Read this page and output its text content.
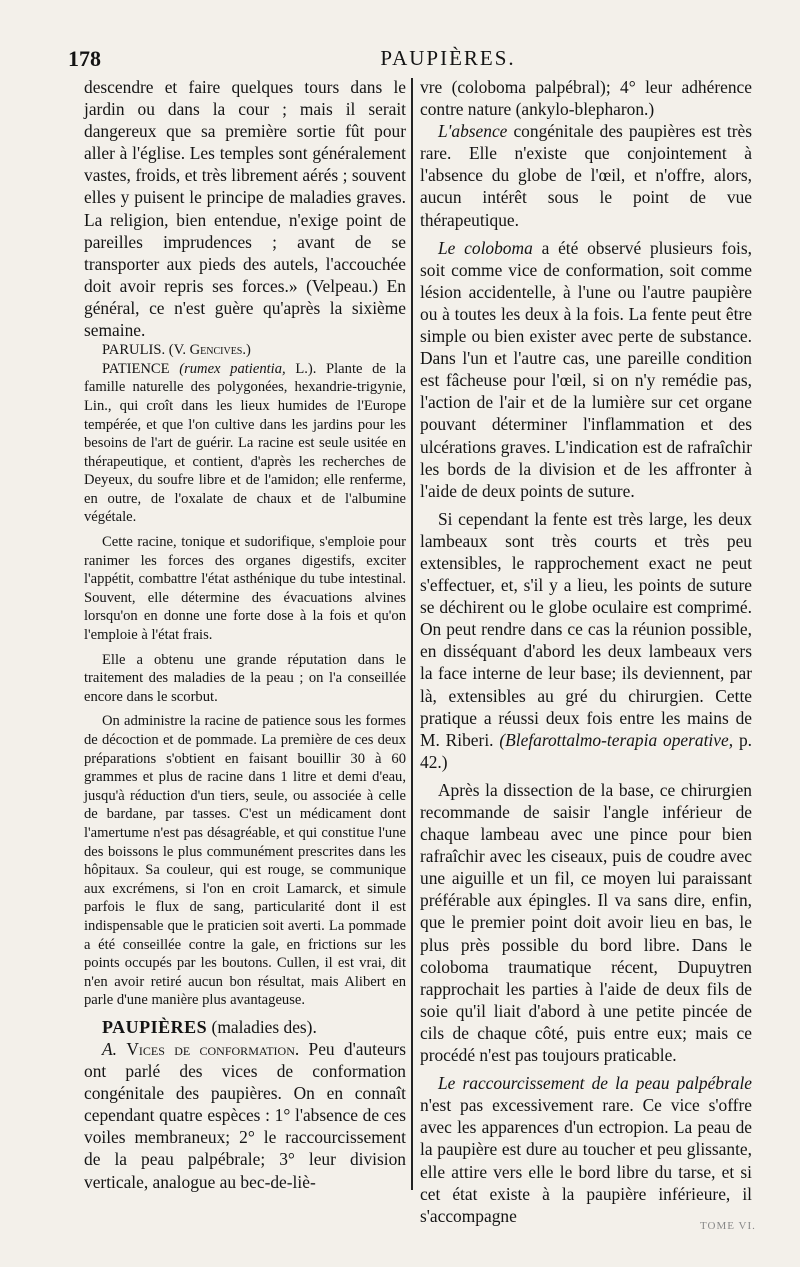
178	PAUPIÈRES.

descendre et faire quelques tours dans le jardin ou dans la cour ; mais il serait dangereux que sa première sortie fût pour aller à l'église. Les temples sont généralement vastes, froids, et très librement aérés ; souvent elles y puisent le principe de maladies graves. La religion, bien entendue, n'exige point de pareilles imprudences ; avant de se transporter aux pieds des autels, l'accouchée doit avoir repris ses forces.» (Velpeau.) En général, ce n'est guère qu'après la sixième semaine.

PARULIS. (V. Gencives.)

PATIENCE (rumex patientia, L.). Plante de la famille naturelle des polygonées, hexandrie-trigynie, Lin., qui croît dans les lieux humides de l'Europe tempérée, et que l'on cultive dans les jardins pour les besoins de l'art de guérir. La racine est seule usitée en thérapeutique, et contient, d'après les recherches de Deyeux, du soufre libre et de l'amidon; elle renferme, en outre, de l'oxalate de chaux et de l'albumine végétale.

Cette racine, tonique et sudorifique, s'emploie pour ranimer les forces des organes digestifs, exciter l'appétit, combattre l'état asthénique du tube intestinal. Souvent, elle détermine des évacuations alvines lorsqu'on en donne une forte dose à la fois et qu'on l'emploie à l'état frais.

Elle a obtenu une grande réputation dans le traitement des maladies de la peau ; on l'a conseillée encore dans le scorbut.

On administre la racine de patience sous les formes de décoction et de pommade. La première de ces deux préparations s'obtient en faisant bouillir 30 à 60 grammes et plus de racine dans 1 litre et demi d'eau, jusqu'à réduction d'un tiers, seule, ou associée à celle de bardane, par tasses. C'est un médicament dont l'amertume n'est pas désagréable, et qui constitue l'une des boissons le plus communément prescrites dans les hôpitaux. Sa couleur, qui est rouge, se communique aux excrémens, si l'on en croit Lamarck, et simule parfois le flux de sang, particularité dont il est indispensable que le praticien soit averti. La pommade a été conseillée contre la gale, en frictions sur les points occupés par les boutons. Cullen, il est vrai, dit n'en avoir retiré aucun bon résultat, mais Alibert en parle d'une manière plus avantageuse.

PAUPIÈRES (maladies des).

A. Vices de conformation. Peu d'auteurs ont parlé des vices de conformation congénitale des paupières. On en connaît cependant quatre espèces : 1° l'absence de ces voiles membraneux; 2° le raccourcissement de la peau palpébrale; 3° leur division verticale, analogue au bec-de-liè-

vre (coloboma palpébral); 4° leur adhérence contre nature (ankylo-blepharon.)

L'absence congénitale des paupières est très rare. Elle n'existe que conjointement à l'absence du globe de l'œil, et n'offre, alors, aucun intérêt sous le point de vue thérapeutique.

Le coloboma a été observé plusieurs fois, soit comme vice de conformation, soit comme lésion accidentelle, à l'une ou l'autre paupière ou à toutes les deux à la fois. La fente peut être simple ou bien exister avec perte de substance. Dans l'un et l'autre cas, une pareille condition est fâcheuse pour l'œil, si on n'y remédie pas, l'action de l'air et de la lumière sur cet organe pouvant déterminer l'inflammation et des ulcérations graves. L'indication est de rafraîchir les bords de la division et de les affronter à l'aide de deux points de suture.

Si cependant la fente est très large, les deux lambeaux sont très courts et très peu extensibles, le rapprochement exact ne peut s'effectuer, et, s'il y a lieu, les points de suture se déchirent ou le globe oculaire est comprimé. On peut rendre dans ce cas la réunion possible, en disséquant d'abord les deux lambeaux vers la face interne de leur base; ils deviennent, par là, extensibles au gré du chirurgien. Cette pratique a réussi deux fois entre les mains de M. Riberi. (Blefarottalmo-terapia operative, p. 42.)

Après la dissection de la base, ce chirurgien recommande de saisir l'angle inférieur de chaque lambeau avec une pince pour bien rafraîchir avec les ciseaux, puis de coudre avec une aiguille et un fil, ce moyen lui paraissant préférable aux épingles. Il va sans dire, enfin, que le premier point doit avoir lieu en bas, le plus près possible du bord libre. Dans le coloboma traumatique récent, Dupuytren rapprochait les parties à l'aide de deux fils de soie qu'il liait d'abord à une petite pincée de cils de chaque côté, puis entre eux; mais ce procédé n'est pas toujours praticable.

Le raccourcissement de la peau palpébrale n'est pas excessivement rare. Ce vice s'offre avec les apparences d'un ectropion. La peau de la paupière est dure au toucher et peu glissante, elle attire vers elle le bord libre du tarse, et si cet état existe à la paupière inférieure, il s'accompagne

TOME VI.
